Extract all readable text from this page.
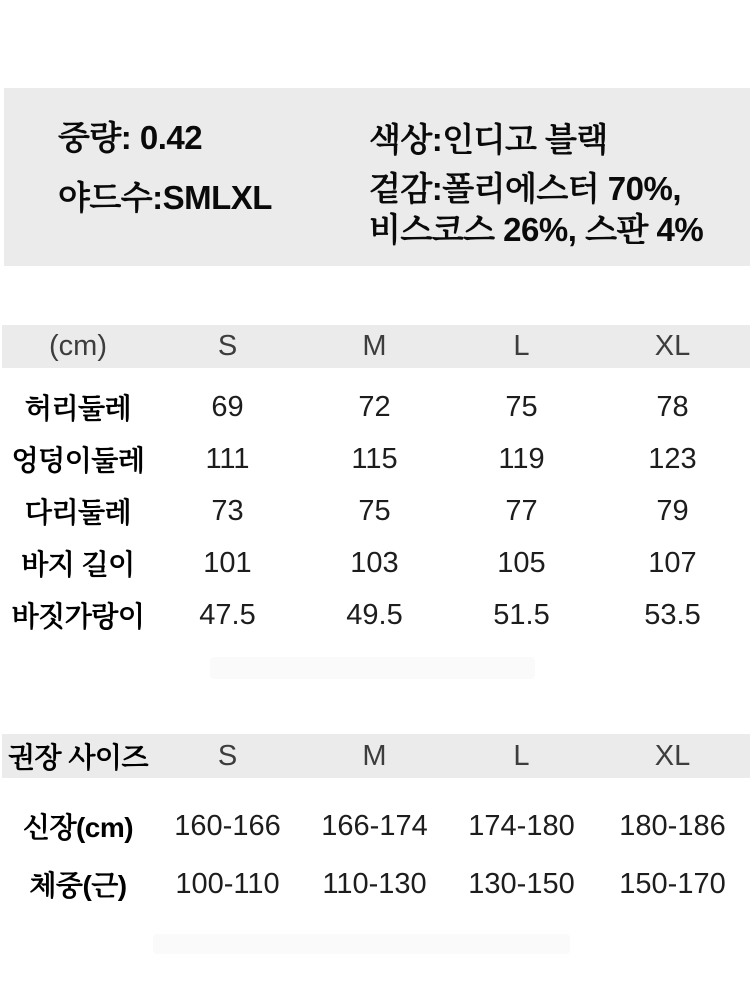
중량: 0.42
야드수:SMLXL
색상:인디고 블랙
겉감:폴리에스터 70%,
비스코스 26%, 스판 4%
(cm)	S	M	L	XL
허리둘레	69	72	75	78
엉덩이둘레	111	115	119	123
다리둘레	73	75	77	79
바지 길이	101	103	105	107
바짓가랑이	47.5	49.5	51.5	53.5
권장 사이즈	S	M	L	XL
신장(cm)	160-166	166-174	174-180	180-186
체중(근)	100-110	110-130	130-150	150-170
